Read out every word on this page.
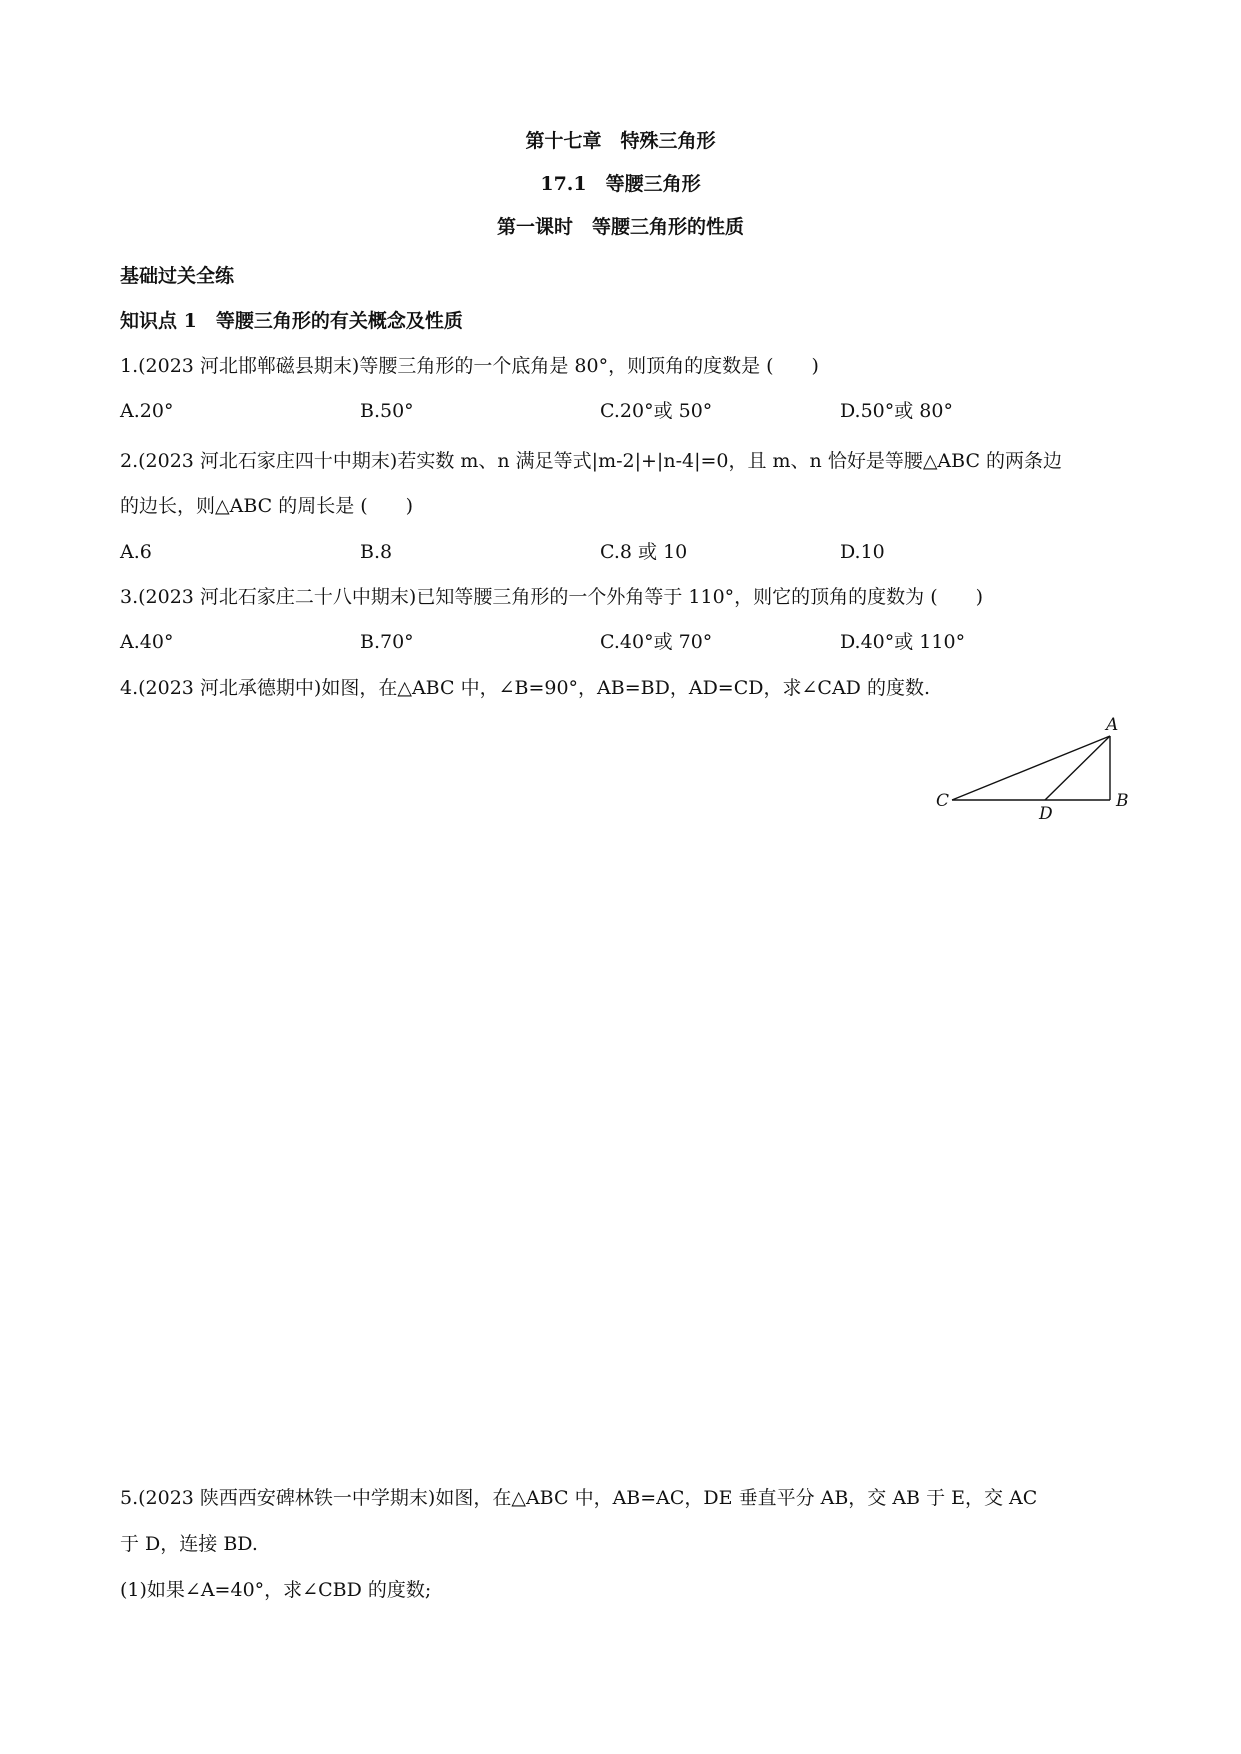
第十七章　特殊三角形
17.1　等腰三角形
第一课时　等腰三角形的性质
基础过关全练
知识点 1　等腰三角形的有关概念及性质
1.(2023 河北邯郸磁县期末)等腰三角形的一个底角是 80°，则顶角的度数是 (　　)
A.20°	B.50°	C.20°或 50°	D.50°或 80°
2.(2023 河北石家庄四十中期末)若实数 m、n 满足等式|m-2|+|n-4|=0，且 m、n 恰好是等腰△ABC 的两条边
的边长，则△ABC 的周长是 (　　)
A.6	B.8	C.8 或 10	D.10
3.(2023 河北石家庄二十八中期末)已知等腰三角形的一个外角等于 110°，则它的顶角的度数为 (　　)
A.40°	B.70°	C.40°或 70°	D.40°或 110°
4.(2023 河北承德期中)如图，在△ABC 中，∠B=90°，AB=BD，AD=CD，求∠CAD 的度数.
A
C
D
B
5.(2023 陕西西安碑林铁一中学期末)如图，在△ABC 中，AB=AC，DE 垂直平分 AB，交 AB 于 E，交 AC
于 D，连接 BD.
(1)如果∠A=40°，求∠CBD 的度数;
